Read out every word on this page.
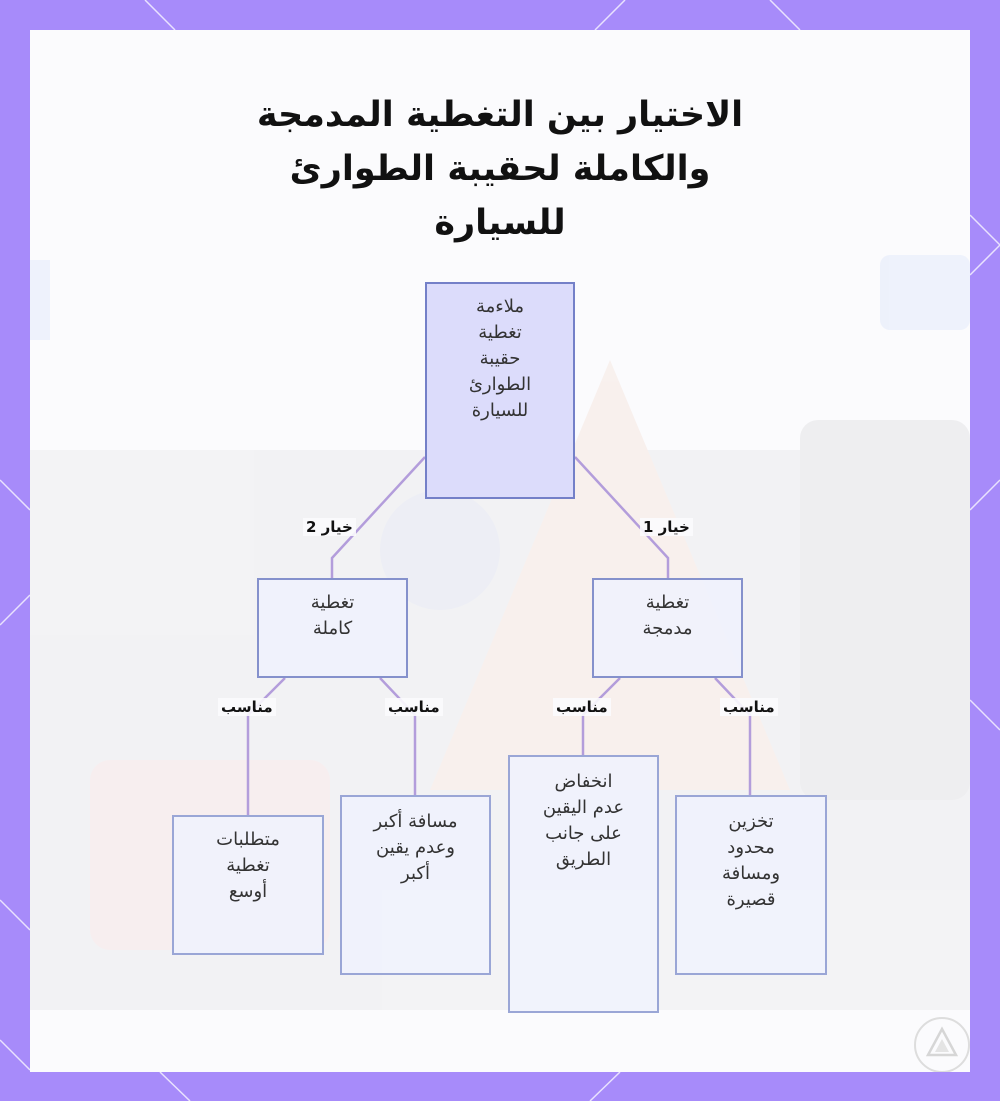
الاختيار بين التغطية المدمجة
والكاملة لحقيبة الطوارئ
للسيارة
ملاءمة
تغطية
حقيبة
الطوارئ
للسيارة
خيار 2	خيار 1
تغطية
كاملة
تغطية
مدمجة
مناسب	مناسب	مناسب	مناسب
متطلبات
تغطية
أوسع
مسافة أكبر
وعدم يقين
أكبر
انخفاض
عدم اليقين
على جانب
الطريق
تخزين
محدود
ومسافة
قصيرة
